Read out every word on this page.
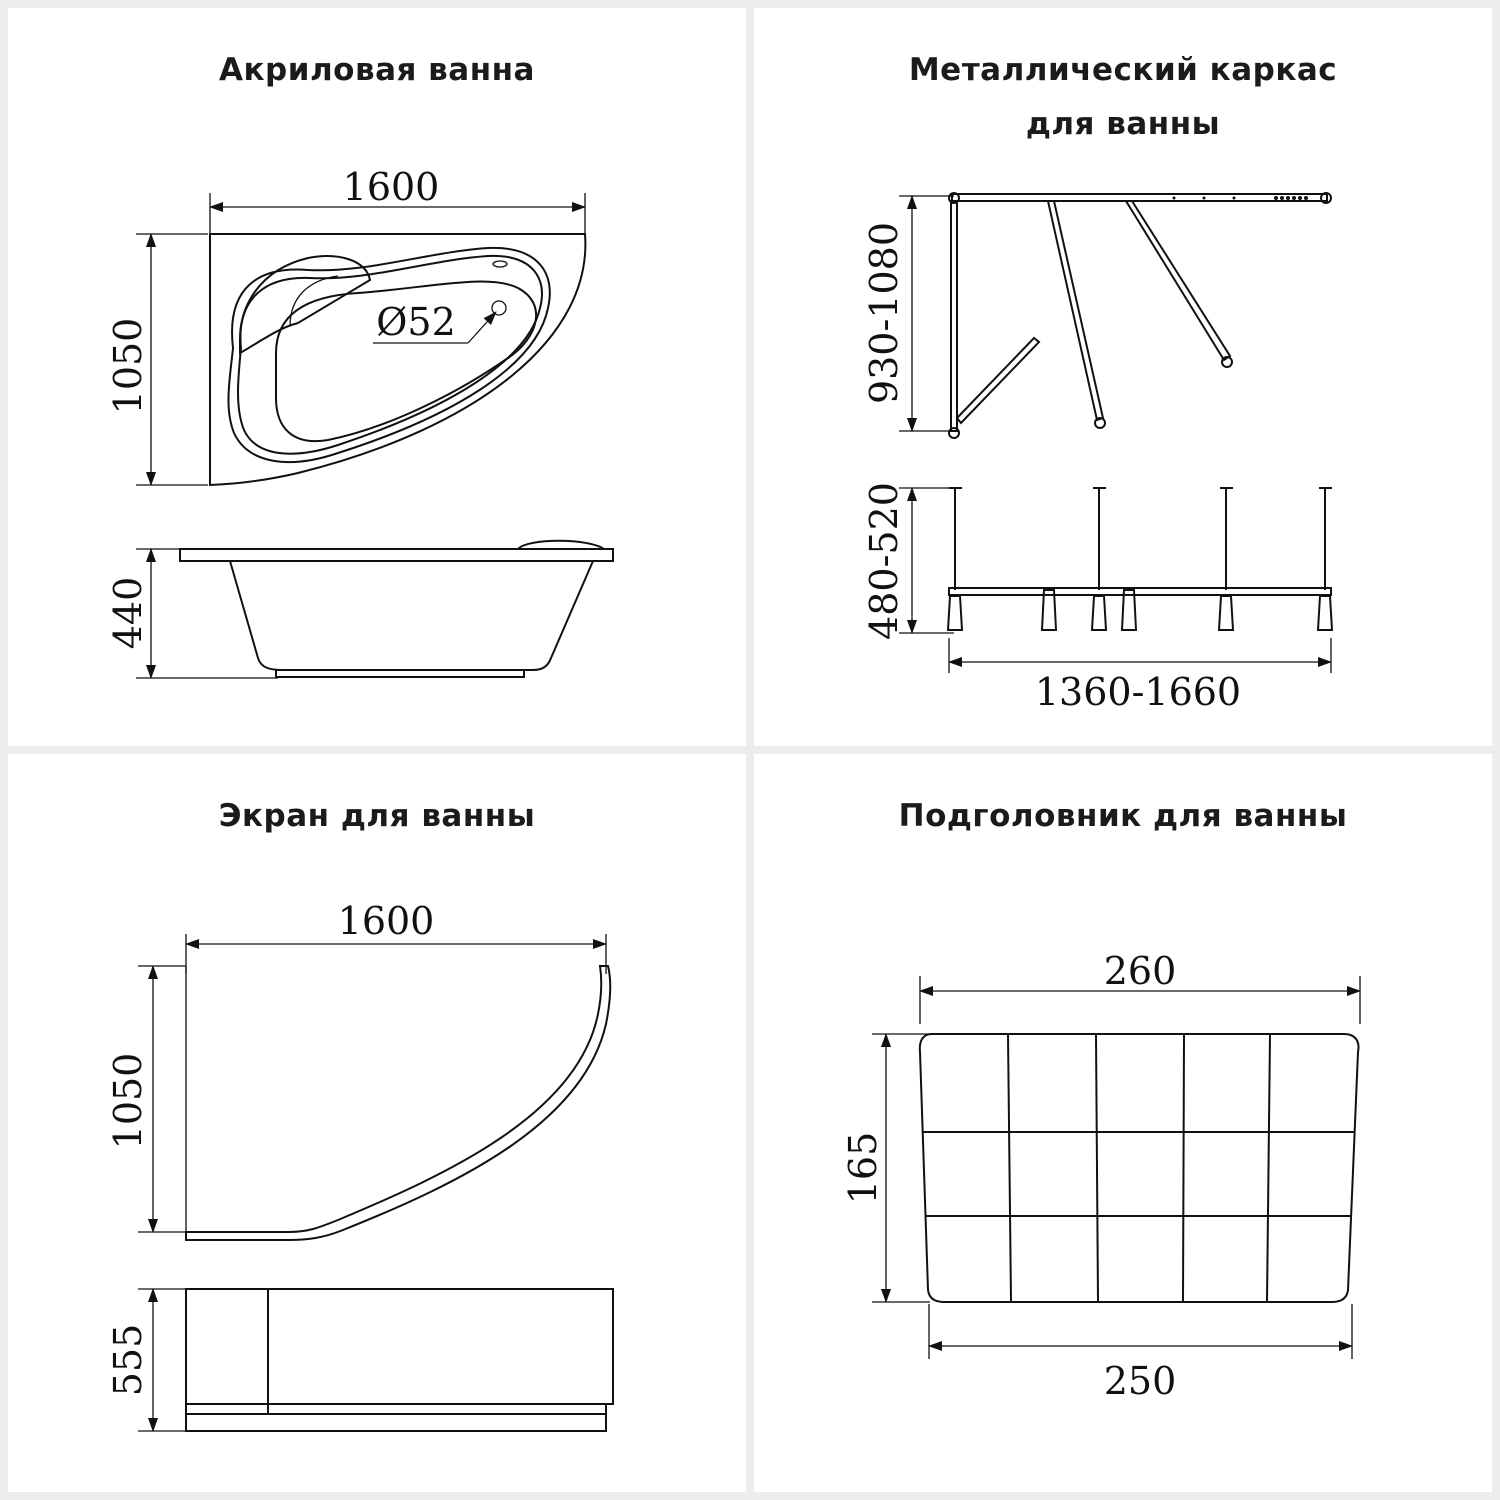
Акриловая ванна
1600
1050	Ø52
440
Металлический каркас
для ванны
930-1080
480-520
1360-1660
Экран для ванны
1600
1050
555
Подголовник для ванны
260
165
250
